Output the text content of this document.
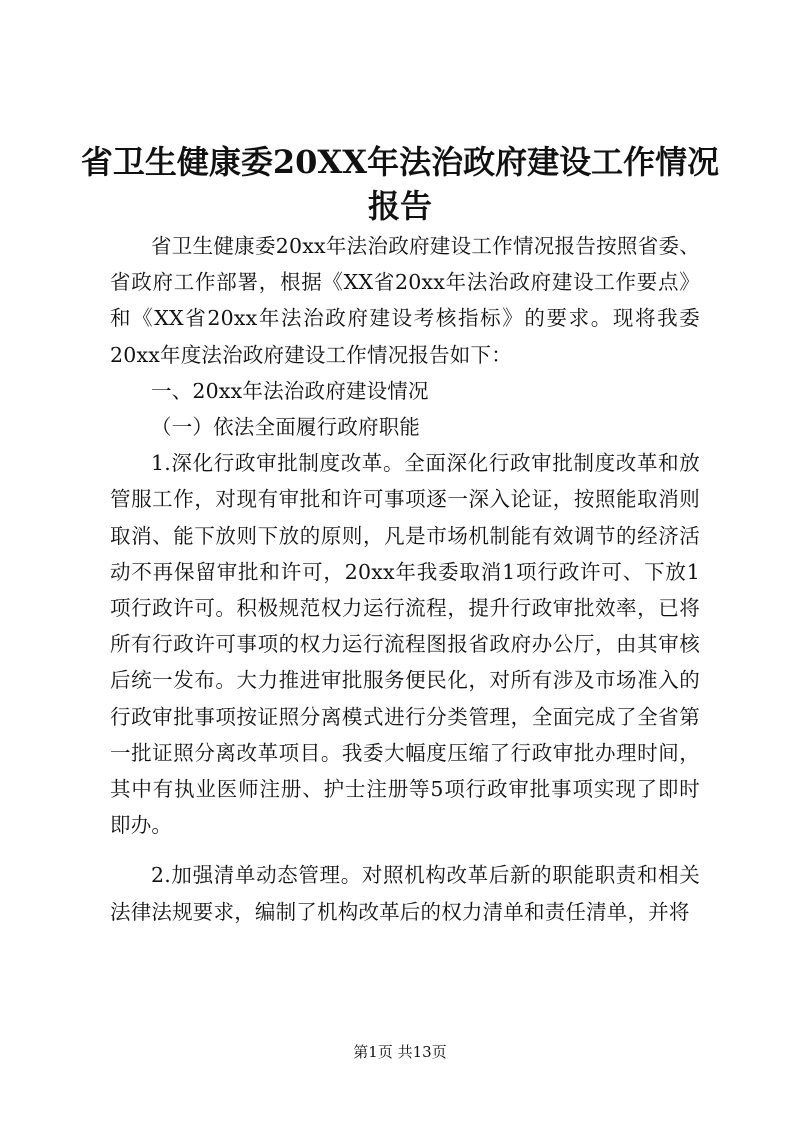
省卫生健康委20XX年法治政府建设工作情况
报告

省卫生健康委20xx年法治政府建设工作情况报告按照省委、省政府工作部署，根据《XX省20xx年法治政府建设工作要点》和《XX省20xx年法治政府建设考核指标》的要求。现将我委20xx年度法治政府建设工作情况报告如下：

一、20xx年法治政府建设情况

（一）依法全面履行政府职能

1.深化行政审批制度改革。全面深化行政审批制度改革和放管服工作，对现有审批和许可事项逐一深入论证，按照能取消则取消、能下放则下放的原则，凡是市场机制能有效调节的经济活动不再保留审批和许可，20xx年我委取消1项行政许可、下放1项行政许可。积极规范权力运行流程，提升行政审批效率，已将所有行政许可事项的权力运行流程图报省政府办公厅，由其审核后统一发布。大力推进审批服务便民化，对所有涉及市场准入的行政审批事项按证照分离模式进行分类管理，全面完成了全省第一批证照分离改革项目。我委大幅度压缩了行政审批办理时间，其中有执业医师注册、护士注册等5项行政审批事项实现了即时即办。

2.加强清单动态管理。对照机构改革后新的职能职责和相关法律法规要求，编制了机构改革后的权力清单和责任清单，并将

第1页 共13页
